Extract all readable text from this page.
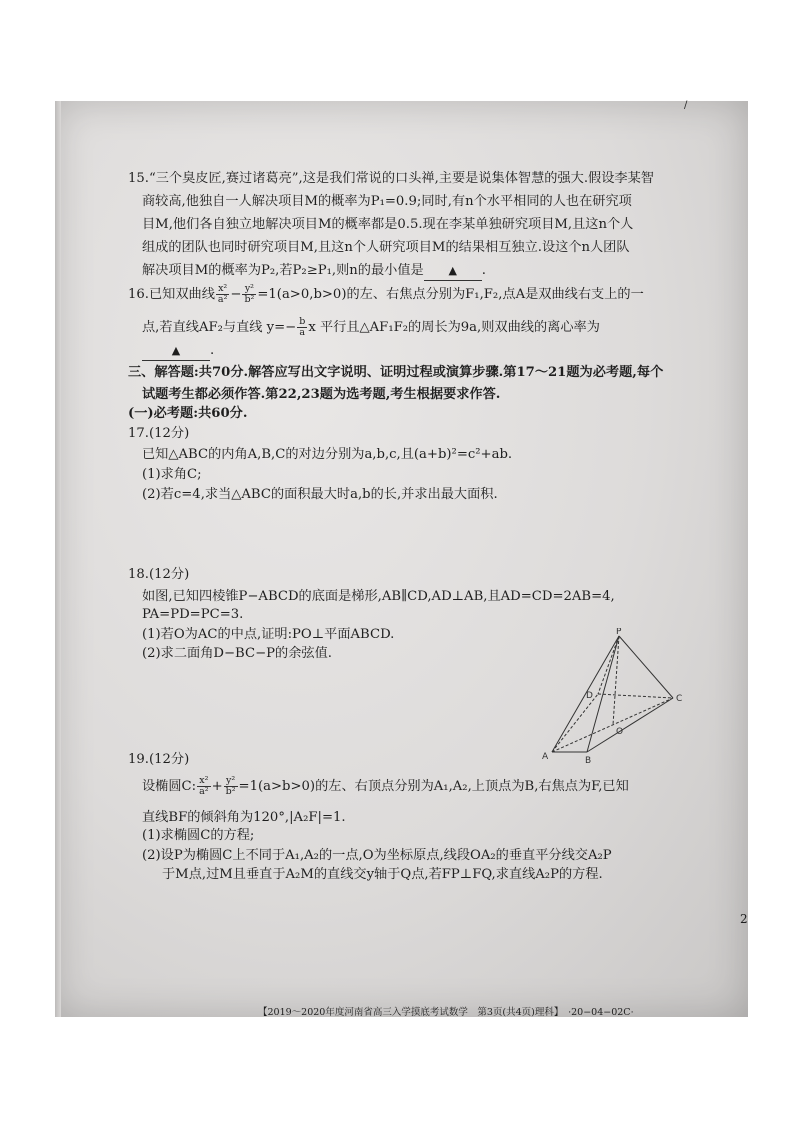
/
2
15.“三个臭皮匠,赛过诸葛亮”,这是我们常说的口头禅,主要是说集体智慧的强大.假设李某智
商较高,他独自一人解决项目M的概率为P₁=0.9;同时,有n个水平相同的人也在研究项
目M,他们各自独立地解决项目M的概率都是0.5.现在李某单独研究项目M,且这n个人
组成的团队也同时研究项目M,且这n个人研究项目M的结果相互独立.设这个n人团队
解决项目M的概率为P₂,若P₂≥P₁,则n的最小值是 ▲ .
16.已知双曲线 $\frac{\text{x²}}{\text{a²}} - \frac{\text{y²}}{\text{b²}} =1(a>0,b>0)$的左、右焦点分别为F₁,F₂,点A是双曲线右支上的一
点,若直线AF₂与直线 $y=- \frac{b}{a}$ x 平行且△AF₁F₂的周长为9a,则双曲线的离心率为
▲ .
三、解答题:共70分.解答应写出文字说明、证明过程或演算步骤.第17～21题为必考题,每个
试题考生都必须作答.第22,23题为选考题,考生根据要求作答.
(一)必考题:共60分.
17.(12分)
已知△ABC的内角A,B,C的对边分别为a,b,c,且(a+b)²=c²+ab.
(1)求角C;
(2)若c=4,求当△ABC的面积最大时a,b的长,并求出最大面积.
18.(12分)
如图,已知四棱锥P−ABCD的底面是梯形,AB∥CD,AD⊥AB,且AD=CD=2AB=4,
PA=PD=PC=3.
(1)若O为AC的中点,证明:PO⊥平面ABCD.
(2)求二面角D−BC−P的余弦值.
P
D	C
O
A	B
19.(12分)
设椭圆C: $\frac{\text{x²}}{\text{a²}} + \frac{\text{y²}}{\text{b²}} =1(a>b>0)$的左、右顶点分别为A₁,A₂,上顶点为B,右焦点为F,已知
直线BF的倾斜角为120°,|A₂F|=1.
(1)求椭圆C的方程;
(2)设P为椭圆C上不同于A₁,A₂的一点,O为坐标原点,线段OA₂的垂直平分线交A₂P
于M点,过M且垂直于A₂M的直线交y轴于Q点,若FP⊥FQ,求直线A₂P的方程.
【2019～2020年度河南省高三入学摸底考试数学　第3页(共4页)理科】　·20−04−02C·
